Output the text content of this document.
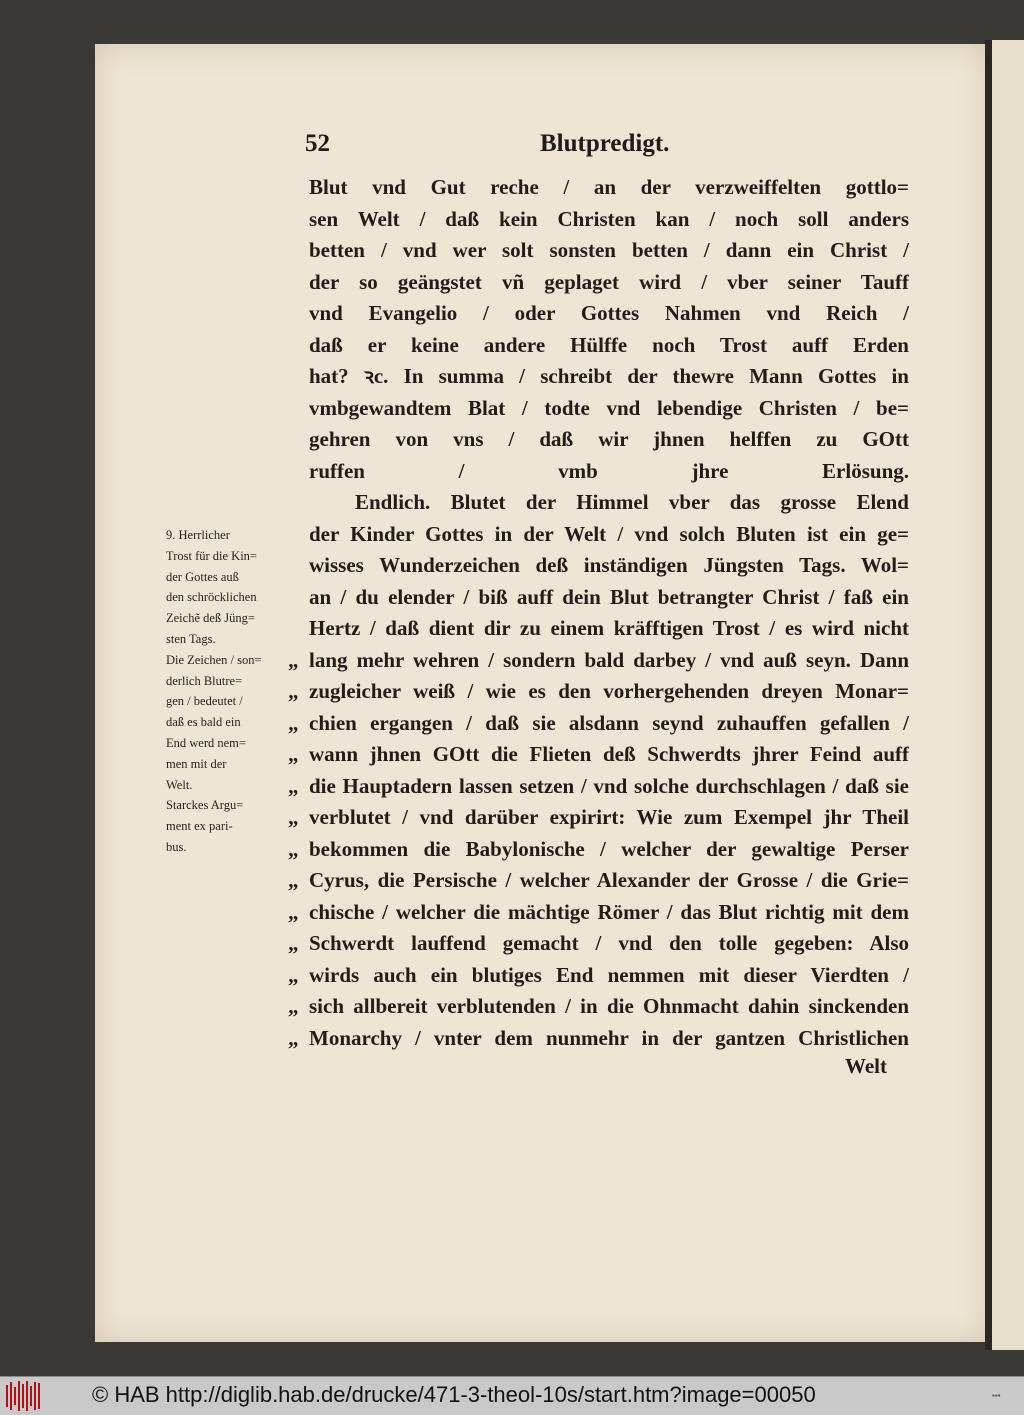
52	Blutpredigt.
Blut vnd Gut reche / an der verzweiffelten gottlo=
sen Welt / daß kein Christen kan / noch soll anders
betten / vnd wer solt sonsten betten / dann ein Christ /
der so geängstet vñ geplaget wird / vber seiner Tauff
vnd Evangelio / oder Gottes Nahmen vnd Reich /
daß er keine andere Hülffe noch Trost auff Erden
hat? ꝛc. In summa / schreibt der thewre Mann Gottes in
vmbgewandtem Blat / todte vnd lebendige Christen / be=
gehren von vns / daß wir jhnen helffen zu GOtt
ruffen / vmb jhre Erlösung.
Endlich. Blutet der Himmel vber das grosse Elend
der Kinder Gottes in der Welt / vnd solch Bluten ist ein ge=
wisses Wunderzeichen deß inständigen Jüngsten Tags. Wol=
an / du elender / biß auff dein Blut betrangter Christ / faß ein
Hertz / daß dient dir zu einem kräfftigen Trost / es wird nicht
lang mehr wehren / sondern bald darbey / vnd auß seyn. Dann
„
zugleicher weiß / wie es den vorhergehenden dreyen Monar=
„
chien ergangen / daß sie alsdann seynd zuhauffen gefallen /
„
wann jhnen GOtt die Flieten deß Schwerdts jhrer Feind auff
„
die Hauptadern lassen setzen / vnd solche durchschlagen / daß sie
„
verblutet / vnd darüber expirirt: Wie zum Exempel jhr Theil
„
bekommen die Babylonische / welcher der gewaltige Perser
„
Cyrus, die Persische / welcher Alexander der Grosse / die Grie=
„
chische / welcher die mächtige Römer / das Blut richtig mit dem
„
Schwerdt lauffend gemacht / vnd den tolle gegeben: Also
„
wirds auch ein blutiges End nemmen mit dieser Vierdten /
„
sich allbereit verblutenden / in die Ohnmacht dahin sinckenden
„
Monarchy / vnter dem nunmehr in der gantzen Christlichen
„
Welt
9. Herrlicher
Trost für die Kin=
der Gottes auß
den schröcklichen
Zeichẽ deß Jüng=
sten Tags.
Die Zeichen / son=
derlich Blutre=
gen / bedeutet /
daß es bald ein
End werd nem=
men mit der
Welt.
Starckes Argu=
ment ex pari-
bus.
© HAB http://diglib.hab.de/drucke/471-3-theol-10s/start.htm?image=00050	▪▪▪
